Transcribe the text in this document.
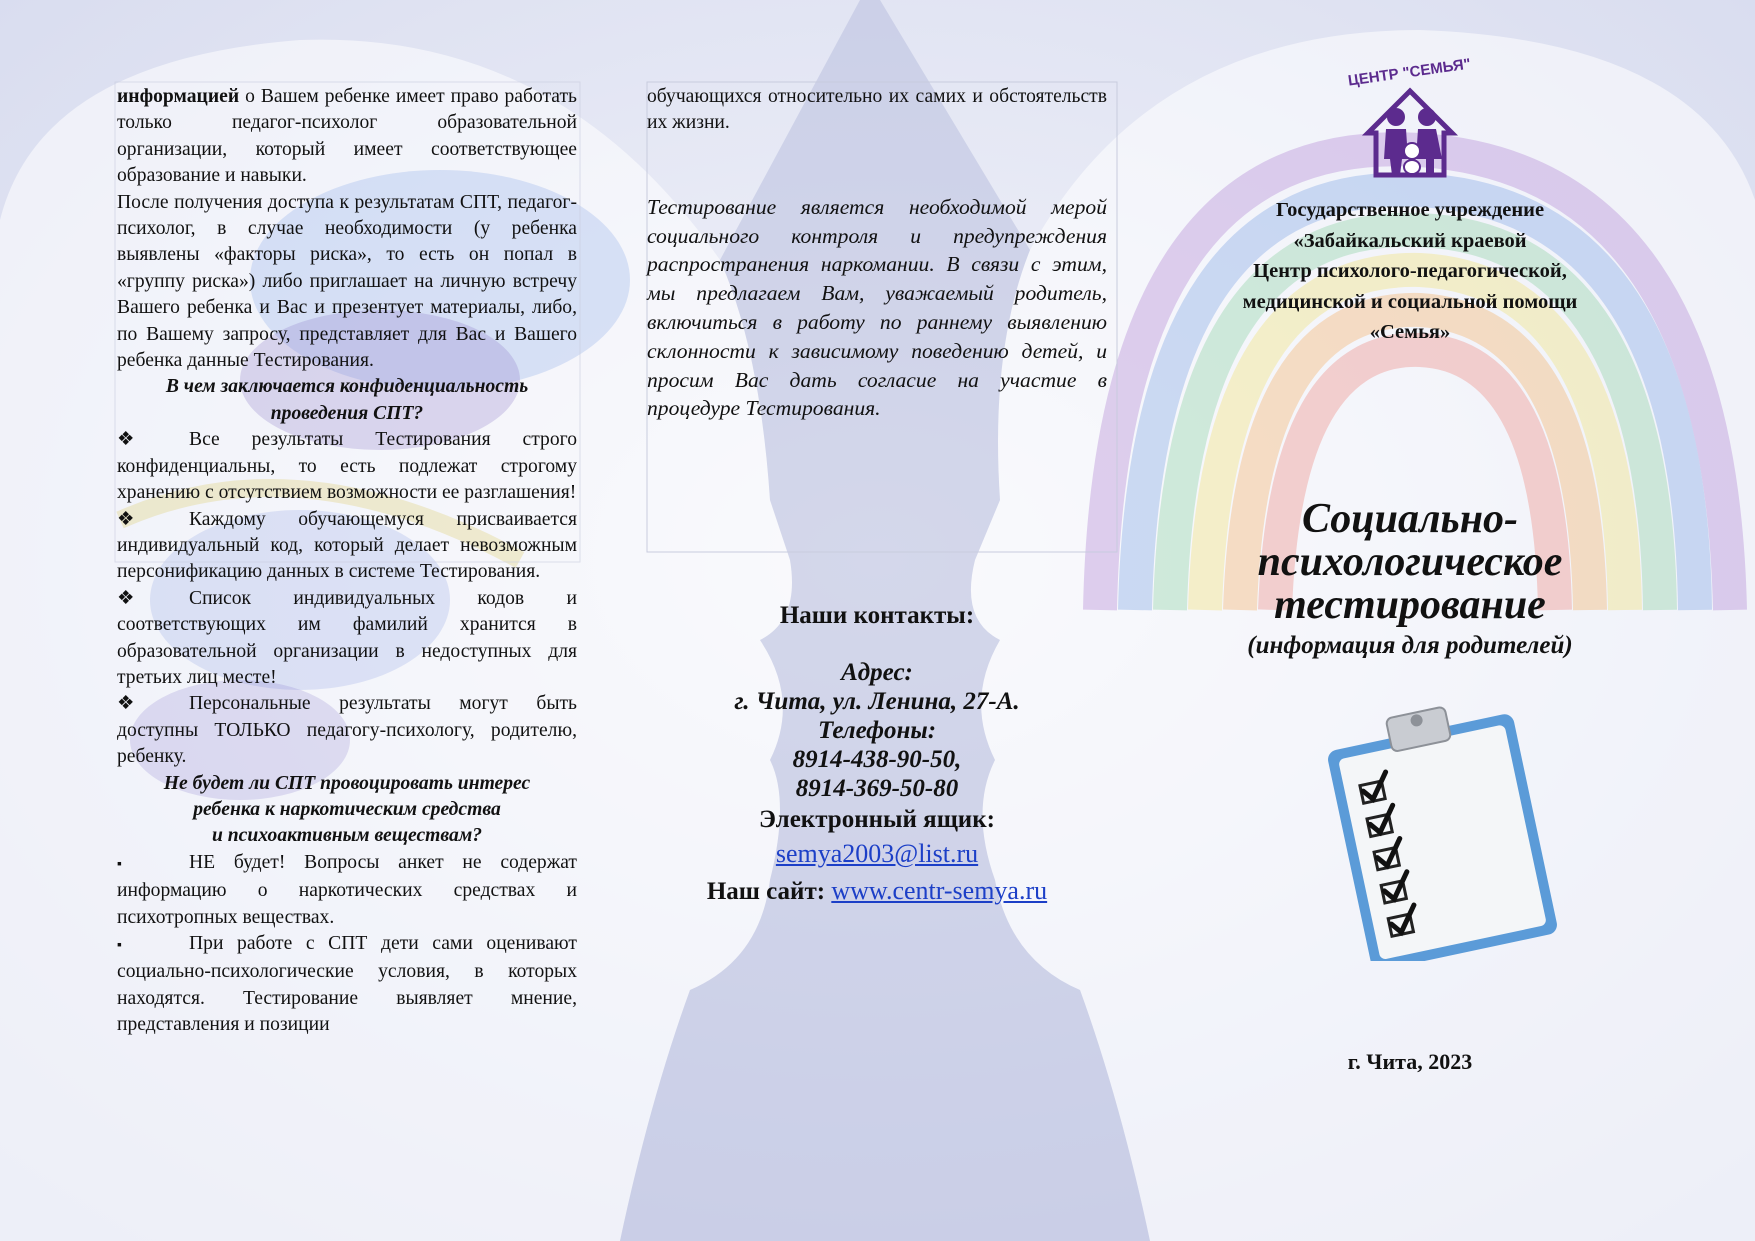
информацией о Вашем ребенке имеет право работать только педагог-психолог образовательной организации, который имеет соответствующее образование и навыки.

После получения доступа к результатам СПТ, педагог-психолог, в случае необходимости (у ребенка выявлены «факторы риска», то есть он попал в «группу риска») либо приглашает на личную встречу Вашего ребенка и Вас и презентует материалы, либо, по Вашему запросу, представляет для Вас и Вашего ребенка данные Тестирования.

В чем заключается конфиденциальность
проведения СПТ?

❖	Все результаты Тестирования строго конфиденциальны, то есть подлежат строгому хранению с отсутствием возможности ее разглашения!

❖	Каждому обучающемуся присваивается индивидуальный код, который делает невозможным персонификацию данных в системе Тестирования.

❖	Список индивидуальных кодов и соответствующих им фамилий хранится в образовательной организации в недоступных для третьих лиц месте!

❖	Персональные результаты могут быть доступны ТОЛЬКО педагогу-психологу, родителю, ребенку.

Не будет ли СПТ провоцировать интерес
ребенка к наркотическим средства
и психоактивным веществам?

▪	НЕ будет! Вопросы анкет не содержат информацию о наркотических средствах и психотропных веществах.

▪	При работе с СПТ дети сами оценивают социально-психологические условия, в которых находятся. Тестирование выявляет мнение, представления и позиции

обучающихся относительно их самих и обстоятельств их жизни.

Тестирование является необходимой мерой социального контроля и предупреждения распространения наркомании. В связи с этим, мы предлагаем Вам, уважаемый родитель, включиться в работу по раннему выявлению склонности к зависимому поведению детей, и просим Вас дать согласие на участие в процедуре Тестирования.

Наши контакты:

Адрес:

г. Чита, ул. Ленина, 27-А.

Телефоны:

8914-438-90-50,

8914-369-50-80

Электронный ящик:

semya2003@list.ru

Наш сайт: www.centr-semya.ru

ЦЕНТР "СЕМЬЯ"

Государственное учреждение

«Забайкальский краевой

Центр психолого-педагогической,

медицинской и социальной помощи

«Семья»

Социально-

психологическое

тестирование

(информация для родителей)

г. Чита, 2023
